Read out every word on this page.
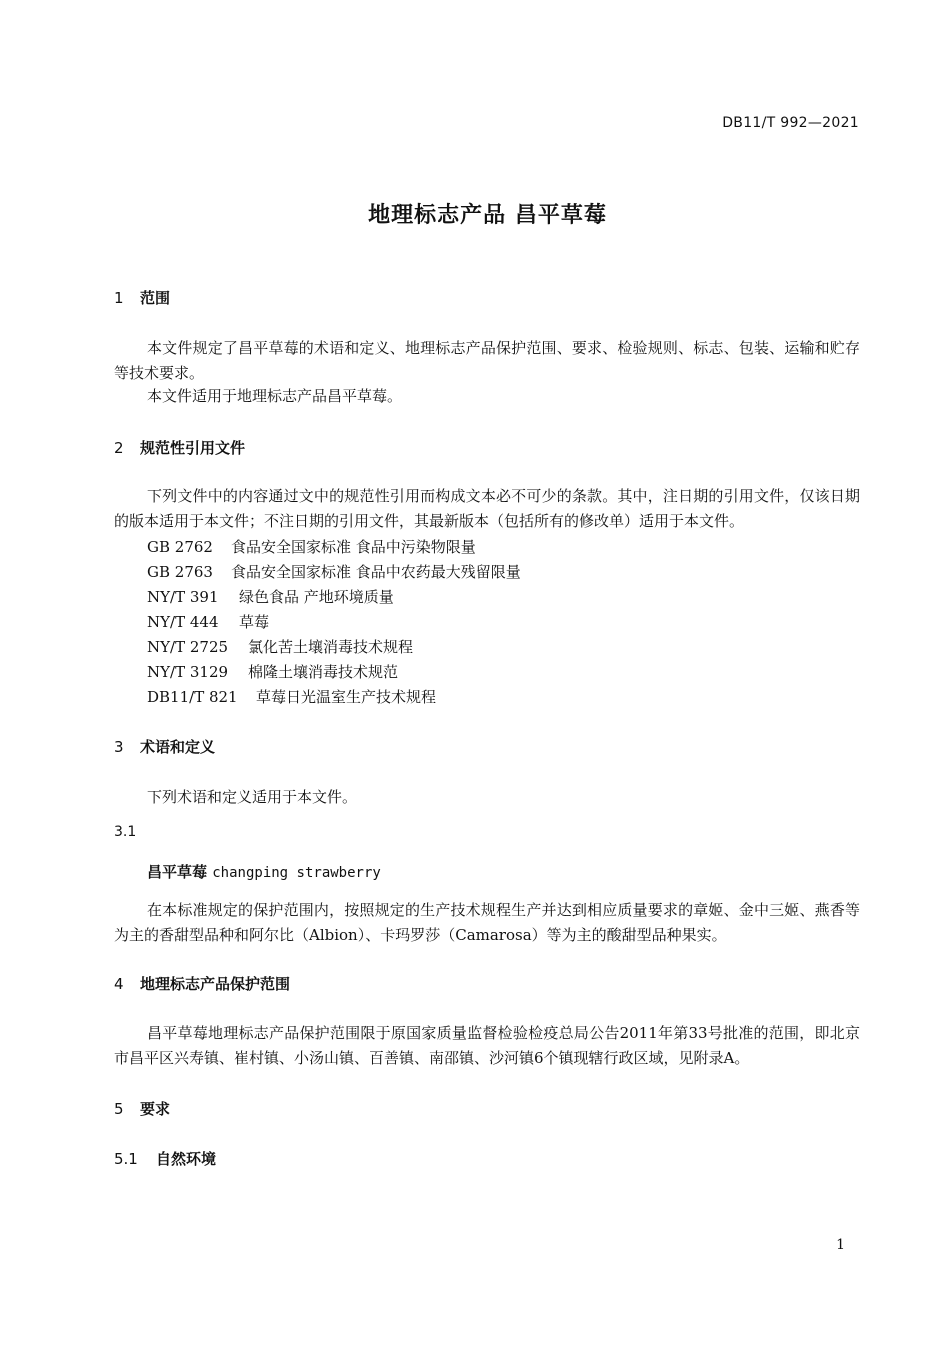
DB11/T 992—2021
地理标志产品 昌平草莓
1 范围
本文件规定了昌平草莓的术语和定义、地理标志产品保护范围、要求、检验规则、标志、包装、运输和贮存等技术要求。
本文件适用于地理标志产品昌平草莓。
2 规范性引用文件
下列文件中的内容通过文中的规范性引用而构成文本必不可少的条款。其中，注日期的引用文件，仅该日期的版本适用于本文件；不注日期的引用文件，其最新版本（包括所有的修改单）适用于本文件。
GB 2762 食品安全国家标准 食品中污染物限量
GB 2763 食品安全国家标准 食品中农药最大残留限量
NY/T 391 绿色食品 产地环境质量
NY/T 444 草莓
NY/T 2725 氯化苦土壤消毒技术规程
NY/T 3129 棉隆土壤消毒技术规范
DB11/T 821 草莓日光温室生产技术规程
3 术语和定义
下列术语和定义适用于本文件。
3.1
昌平草莓 changping strawberry
在本标准规定的保护范围内，按照规定的生产技术规程生产并达到相应质量要求的章姬、金中三姬、燕香等为主的香甜型品种和阿尔比（Albion）、卡玛罗莎（Camarosa）等为主的酸甜型品种果实。
4 地理标志产品保护范围
昌平草莓地理标志产品保护范围限于原国家质量监督检验检疫总局公告2011年第33号批准的范围，即北京市昌平区兴寿镇、崔村镇、小汤山镇、百善镇、南邵镇、沙河镇6个镇现辖行政区域，见附录A。
5 要求
5.1 自然环境
1
